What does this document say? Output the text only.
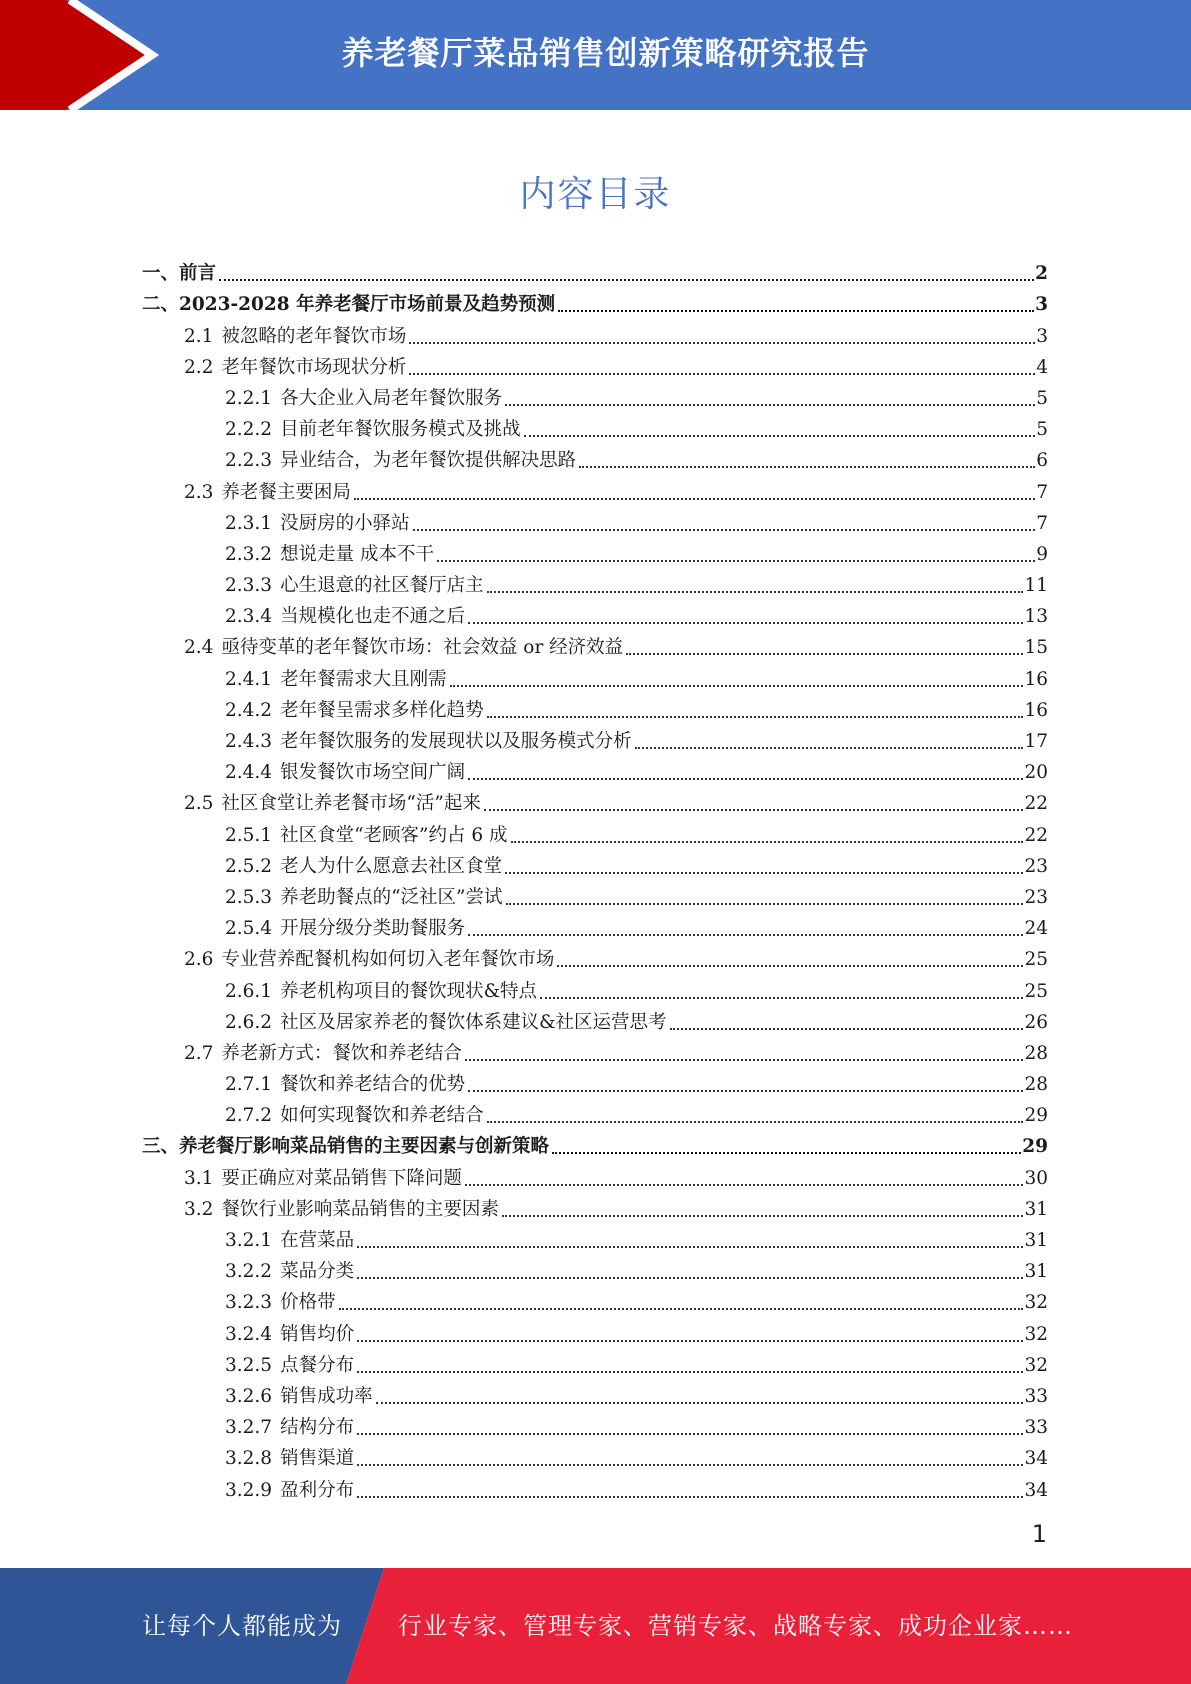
养老餐厅菜品销售创新策略研究报告
内容目录
一、 前言	2
二、 2023-2028 年养老餐厅市场前景及趋势预测	3
2.1 被忽略的老年餐饮市场	3
2.2 老年餐饮市场现状分析	4
2.2.1 各大企业入局老年餐饮服务	5
2.2.2 目前老年餐饮服务模式及挑战	5
2.2.3 异业结合，为老年餐饮提供解决思路	6
2.3 养老餐主要困局	7
2.3.1 没厨房的小驿站	7
2.3.2 想说走量 成本不干	9
2.3.3 心生退意的社区餐厅店主	11
2.3.4 当规模化也走不通之后	13
2.4 亟待变革的老年餐饮市场：社会效益 or 经济效益	15
2.4.1 老年餐需求大且刚需	16
2.4.2 老年餐呈需求多样化趋势	16
2.4.3 老年餐饮服务的发展现状以及服务模式分析	17
2.4.4 银发餐饮市场空间广阔	20
2.5 社区食堂让养老餐市场“活”起来	22
2.5.1 社区食堂“老顾客”约占 6 成	22
2.5.2 老人为什么愿意去社区食堂	23
2.5.3 养老助餐点的“泛社区”尝试	23
2.5.4 开展分级分类助餐服务	24
2.6 专业营养配餐机构如何切入老年餐饮市场	25
2.6.1 养老机构项目的餐饮现状&特点	25
2.6.2 社区及居家养老的餐饮体系建议&社区运营思考	26
2.7 养老新方式：餐饮和养老结合	28
2.7.1 餐饮和养老结合的优势	28
2.7.2 如何实现餐饮和养老结合	29
三、 养老餐厅影响菜品销售的主要因素与创新策略	29
3.1 要正确应对菜品销售下降问题	30
3.2 餐饮行业影响菜品销售的主要因素	31
3.2.1 在营菜品	31
3.2.2 菜品分类	31
3.2.3 价格带	32
3.2.4 销售均价	32
3.2.5 点餐分布	32
3.2.6 销售成功率	33
3.2.7 结构分布	33
3.2.8 销售渠道	34
3.2.9 盈利分布	34
1
让每个人都能成为 行业专家、管理专家、营销专家、战略专家、成功企业家……
